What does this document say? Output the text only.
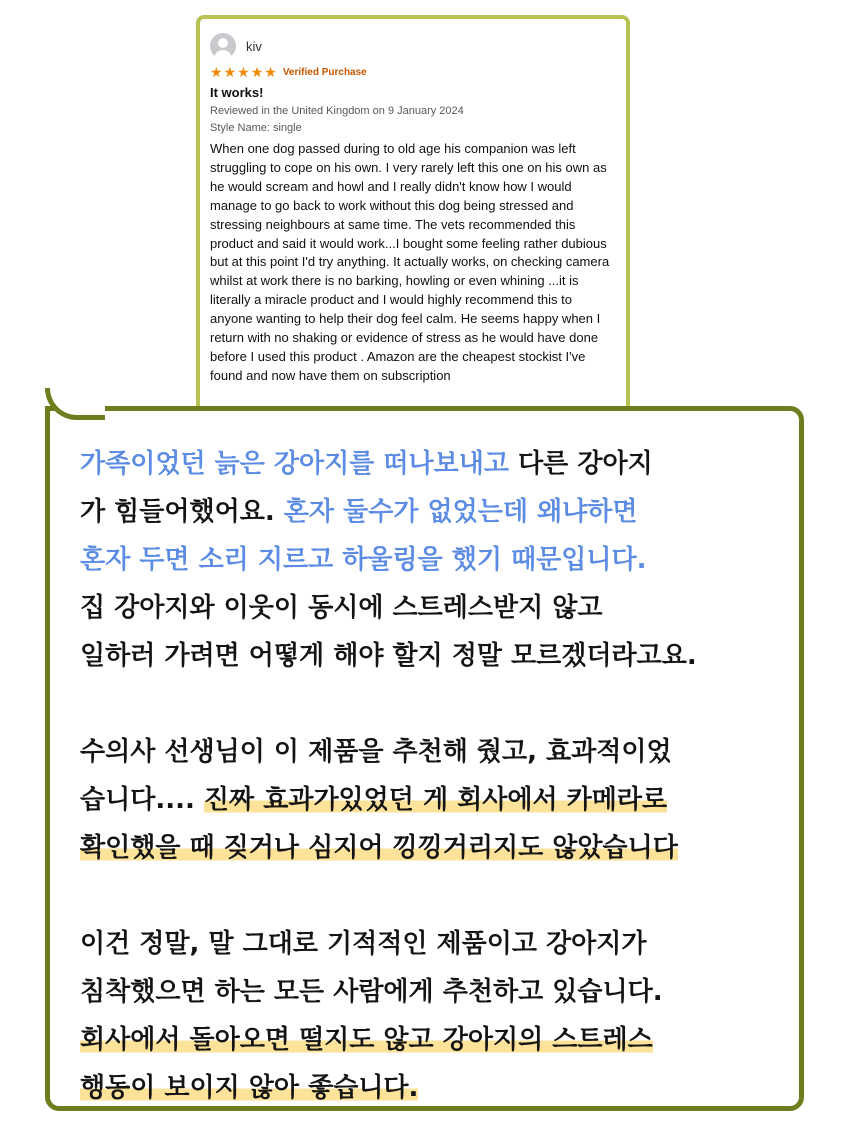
kiv
★ ★ ★ ★ ★ Verified Purchase
It works!
Reviewed in the United Kingdom on 9 January 2024
Style Name: single
When one dog passed during to old age his companion was left struggling to cope on his own. I very rarely left this one on his own as he would scream and howl and I really didn't know how I would manage to go back to work without this dog being stressed and stressing neighbours at same time. The vets recommended this product and said it would work...I bought some feeling rather dubious but at this point I'd try anything. It actually works, on checking camera whilst at work there is no barking, howling or even whining ...it is literally a miracle product and I would highly recommend this to anyone wanting to help their dog feel calm. He seems happy when I return with no shaking or evidence of stress as he would have done before I used this product . Amazon are the cheapest stockist I've found and now have them on subscription
가족이었던 늙은 강아지를 떠나보내고 다른 강아지
가 힘들어했어요. 혼자 둘수가 없었는데 왜냐하면
혼자 두면 소리 지르고 하울링을 했기 때문입니다.
집 강아지와 이웃이 동시에 스트레스받지 않고
일하러 가려면 어떻게 해야 할지 정말 모르겠더라고요.
수의사 선생님이 이 제품을 추천해 줬고, 효과적이었
습니다.... 진짜 효과가있었던 게 회사에서 카메라로
확인했을 때 짖거나 심지어 낑낑거리지도 않았습니다
이건 정말, 말 그대로 기적적인 제품이고 강아지가
침착했으면 하는 모든 사람에게 추천하고 있습니다.
회사에서 돌아오면 떨지도 않고 강아지의 스트레스
행동이 보이지 않아 좋습니다.
